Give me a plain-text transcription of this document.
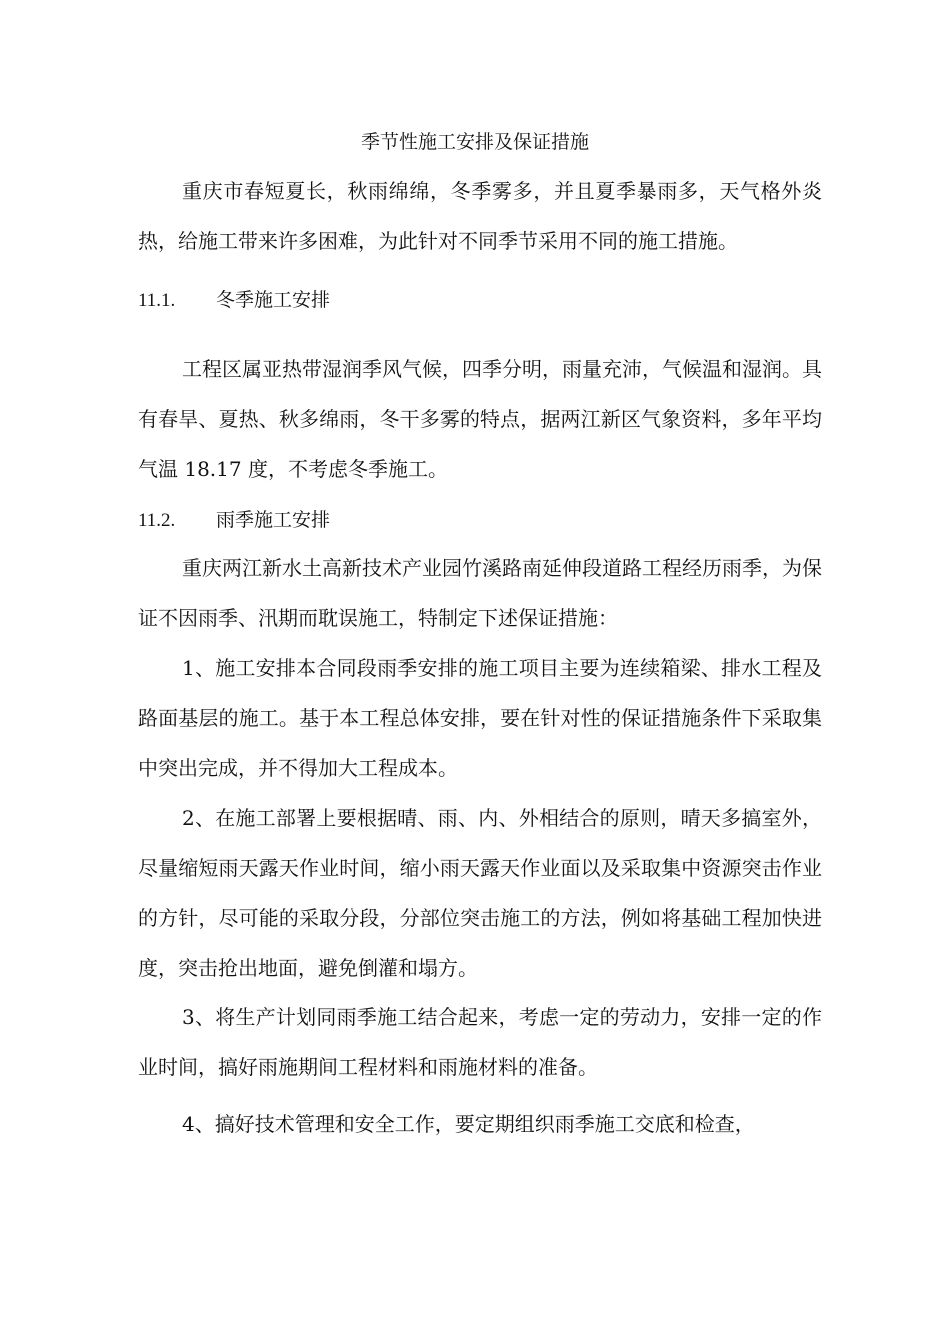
季节性施工安排及保证措施

重庆市春短夏长，秋雨绵绵，冬季雾多，并且夏季暴雨多，天气格外炎热，给施工带来许多困难，为此针对不同季节采用不同的施工措施。

11.1. 冬季施工安排

工程区属亚热带湿润季风气候，四季分明，雨量充沛，气候温和湿润。具有春旱、夏热、秋多绵雨，冬干多雾的特点，据两江新区气象资料，多年平均气温 18.17 度，不考虑冬季施工。

11.2. 雨季施工安排

重庆两江新水土高新技术产业园竹溪路南延伸段道路工程经历雨季，为保证不因雨季、汛期而耽误施工，特制定下述保证措施：

1、施工安排本合同段雨季安排的施工项目主要为连续箱梁、排水工程及路面基层的施工。基于本工程总体安排，要在针对性的保证措施条件下采取集中突出完成，并不得加大工程成本。

2、在施工部署上要根据晴、雨、内、外相结合的原则，晴天多搞室外，尽量缩短雨天露天作业时间，缩小雨天露天作业面以及采取集中资源突击作业的方针，尽可能的采取分段，分部位突击施工的方法，例如将基础工程加快进度，突击抢出地面，避免倒灌和塌方。

3、将生产计划同雨季施工结合起来，考虑一定的劳动力，安排一定的作业时间，搞好雨施期间工程材料和雨施材料的准备。

4、搞好技术管理和安全工作，要定期组织雨季施工交底和检查，
